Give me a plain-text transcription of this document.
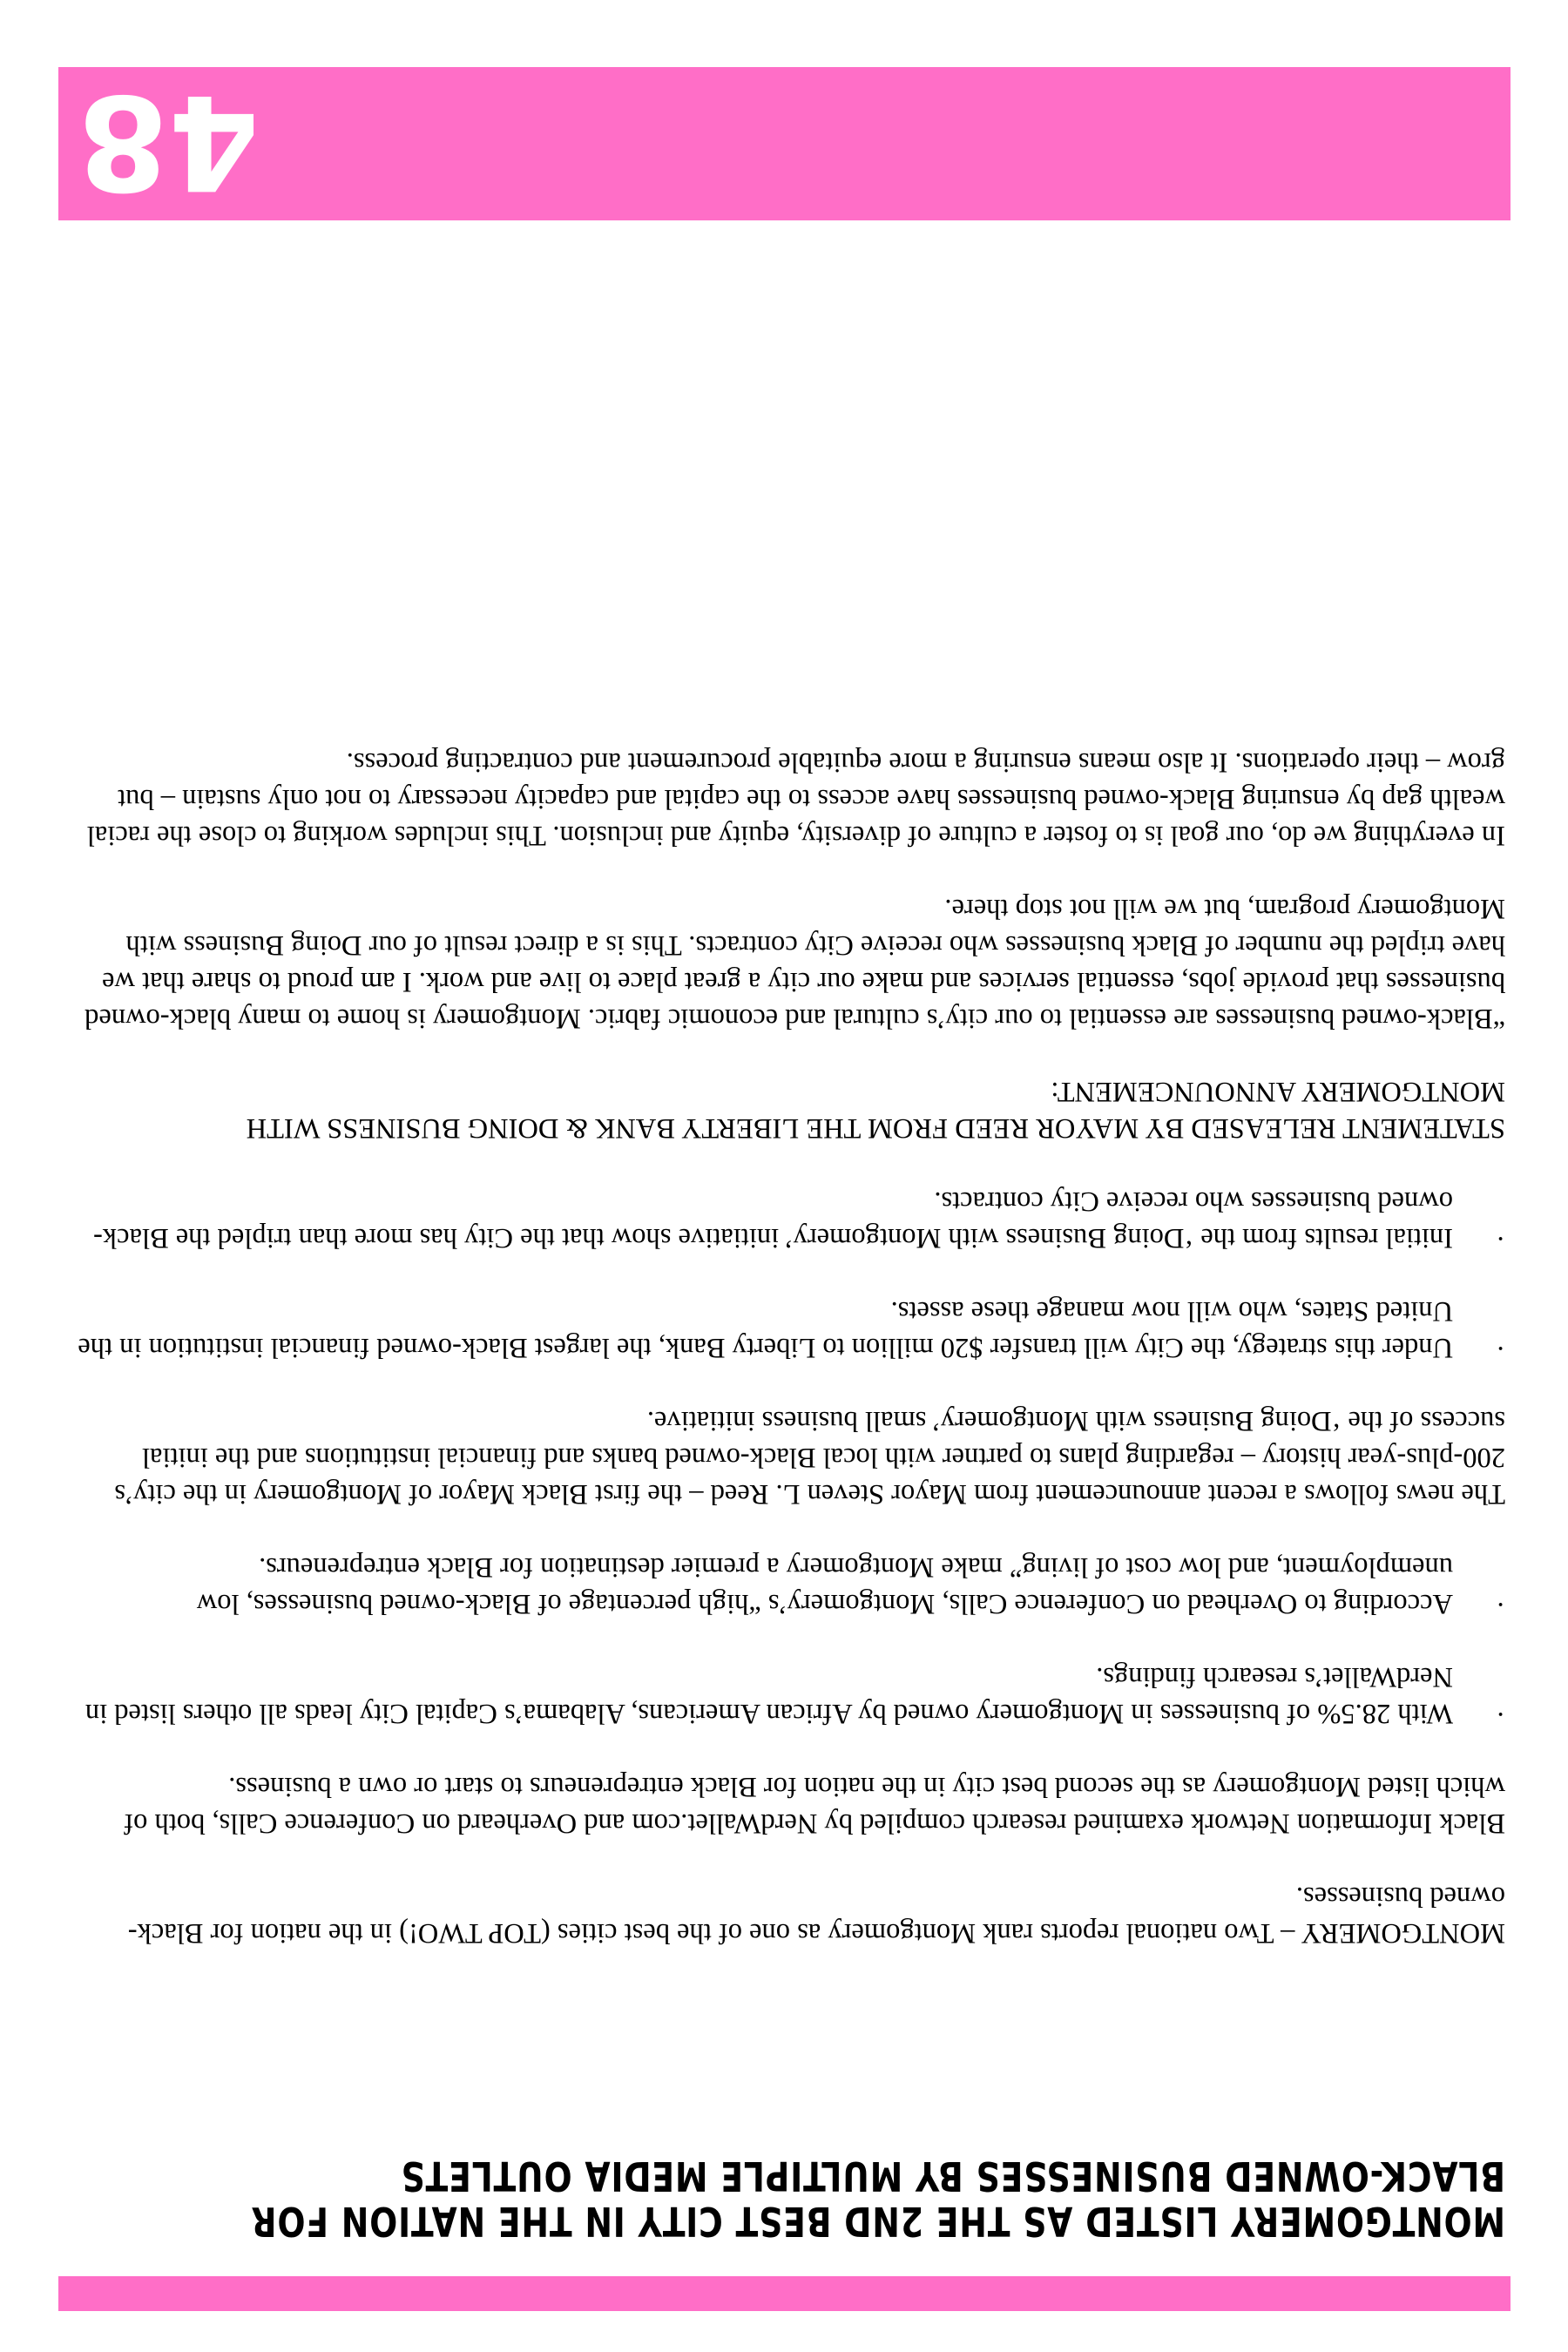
MONTGOMERY LISTED AS THE 2ND BEST CITY IN THE NATION FOR
BLACK-OWNED BUSINESSES BY MULTIPLE MEDIA OUTLETS

MONTGOMERY – Two national reports rank Montgomery as one of the best cities (TOP TWO!) in the nation for Black-owned businesses.

Black Information Network examined research compiled by NerdWallet.com and Overheard on Conference Calls, both of which listed Montgomery as the second best city in the nation for Black entrepreneurs to start or own a business.

·
With 28.5% of businesses in Montgomery owned by African Americans, Alabama’s Capital City leads all others listed in NerdWallet’s research findings.

·
According to Overhead on Conference Calls, Montgomery’s “high percentage of Black-owned businesses, low unemployment, and low cost of living” make Montgomery a premier destination for Black entrepreneurs.

The news follows a recent announcement from Mayor Steven L. Reed – the first Black Mayor of Montgomery in the city’s 200-plus-year history – regarding plans to partner with local Black-owned banks and financial institutions and the initial success of the ‘Doing Business with Montgomery’ small business initiative.

·
Under this strategy, the City will transfer $20 million to Liberty Bank, the largest Black-owned financial institution in the United States, who will now manage these assets.

·
Initial results from the ‘Doing Business with Montgomery’ initiative show that the City has more than tripled the Black-owned businesses who receive City contracts.

STATEMENT RELEASED BY MAYOR REED FROM THE LIBERTY BANK & DOING BUSINESS WITH MONTGOMERY ANNOUNCEMENT:

“Black-owned businesses are essential to our city’s cultural and economic fabric. Montgomery is home to many black-owned businesses that provide jobs, essential services and make our city a great place to live and work. I am proud to share that we have tripled the number of Black businesses who receive City contracts. This is a direct result of our Doing Business with Montgomery program, but we will not stop there.

In everything we do, our goal is to foster a culture of diversity, equity and inclusion. This includes working to close the racial wealth gap by ensuring Black-owned businesses have access to the capital and capacity necessary to not only sustain – but grow – their operations. It also means ensuring a more equitable procurement and contracting process.

48
